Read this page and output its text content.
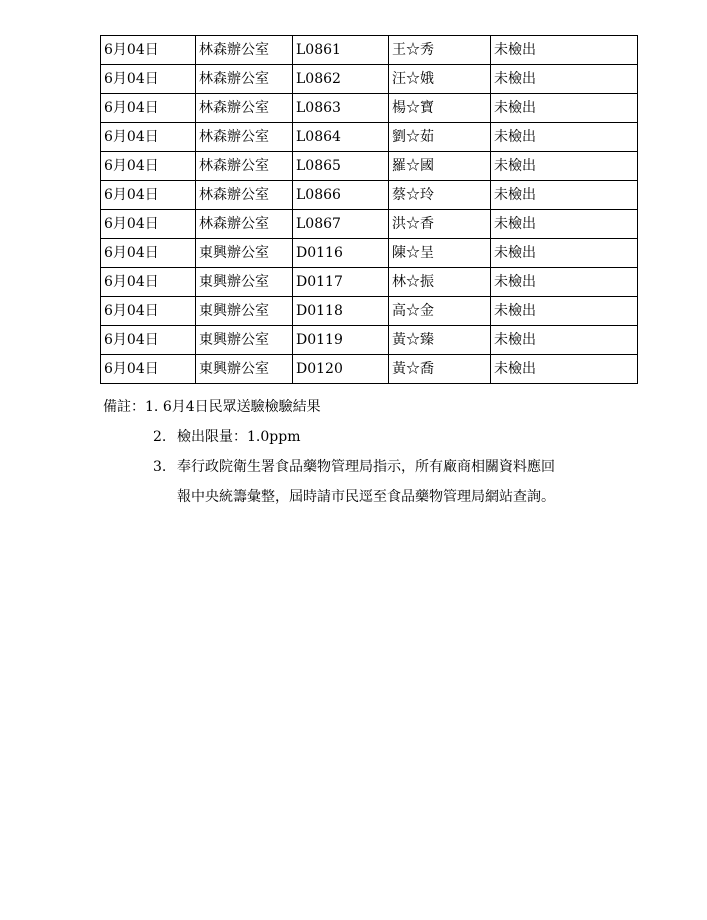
6月04日	林森辦公室	L0861	王☆秀	未檢出
6月04日	林森辦公室	L0862	汪☆娥	未檢出
6月04日	林森辦公室	L0863	楊☆寶	未檢出
6月04日	林森辦公室	L0864	劉☆茹	未檢出
6月04日	林森辦公室	L0865	羅☆國	未檢出
6月04日	林森辦公室	L0866	蔡☆玲	未檢出
6月04日	林森辦公室	L0867	洪☆香	未檢出
6月04日	東興辦公室	D0116	陳☆呈	未檢出
6月04日	東興辦公室	D0117	林☆振	未檢出
6月04日	東興辦公室	D0118	高☆金	未檢出
6月04日	東興辦公室	D0119	黃☆臻	未檢出
6月04日	東興辦公室	D0120	黃☆喬	未檢出
備註：1. 6月4日民眾送驗檢驗結果
2. 檢出限量：1.0ppm
3. 奉行政院衛生署食品藥物管理局指示，所有廠商相關資料應回
報中央統籌彙整，屆時請市民逕至食品藥物管理局網站查詢。
